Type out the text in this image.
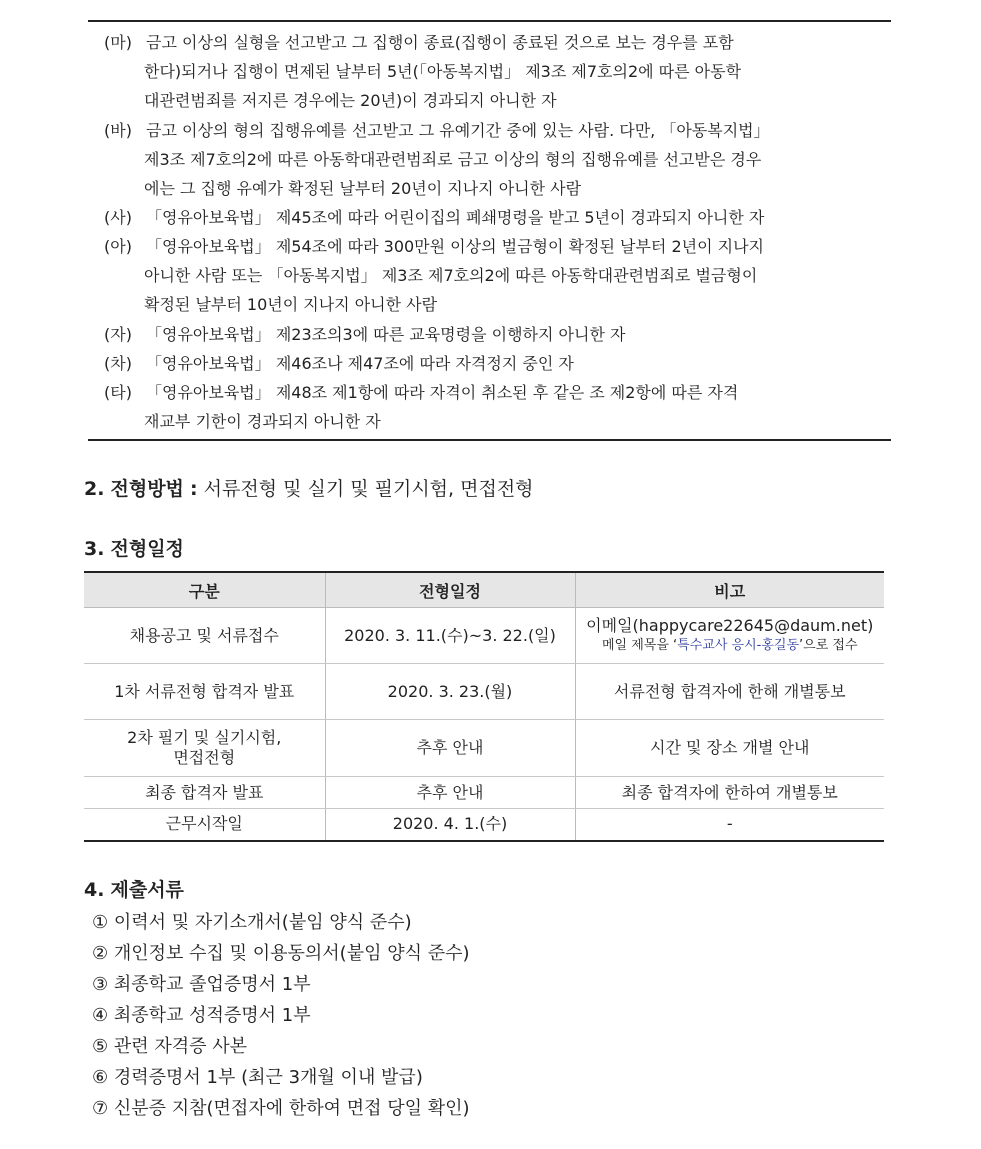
(마) 금고 이상의 실형을 선고받고 그 집행이 종료(집행이 종료된 것으로 보는 경우를 포함
한다)되거나 집행이 면제된 날부터 5년(「아동복지법」 제3조 제7호의2에 따른 아동학
대관련범죄를 저지른 경우에는 20년)이 경과되지 아니한 자
(바) 금고 이상의 형의 집행유예를 선고받고 그 유예기간 중에 있는 사람. 다만, 「아동복지법」
제3조 제7호의2에 따른 아동학대관련범죄로 금고 이상의 형의 집행유예를 선고받은 경우
에는 그 집행 유예가 확정된 날부터 20년이 지나지 아니한 사람
(사) 「영유아보육법」 제45조에 따라 어린이집의 폐쇄명령을 받고 5년이 경과되지 아니한 자
(아) 「영유아보육법」 제54조에 따라 300만원 이상의 벌금형이 확정된 날부터 2년이 지나지
아니한 사람 또는 「아동복지법」 제3조 제7호의2에 따른 아동학대관련범죄로 벌금형이
확정된 날부터 10년이 지나지 아니한 사람
(자) 「영유아보육법」 제23조의3에 따른 교육명령을 이행하지 아니한 자
(차) 「영유아보육법」 제46조나 제47조에 따라 자격정지 중인 자
(타) 「영유아보육법」 제48조 제1항에 따라 자격이 취소된 후 같은 조 제2항에 따른 자격
재교부 기한이 경과되지 아니한 자
2. 전형방법 : 서류전형 및 실기 및 필기시험, 면접전형
3. 전형일정
구분	전형일정	비고
채용공고 및 서류접수	2020. 3. 11.(수)~3. 22.(일)	이메일(happycare22645@daum.net)
메일 제목을 ‘특수교사 응시-홍길동’으로 접수

1차 서류전형 합격자 발표	2020. 3. 23.(월)	서류전형 합격자에 한해 개별통보

2차 필기 및 실기시험,
면접전형	추후 안내	시간 및 장소 개별 안내
최종 합격자 발표	추후 안내	최종 합격자에 한하여 개별통보
근무시작일	2020. 4. 1.(수)	-
4. 제출서류
① 이력서 및 자기소개서(붙임 양식 준수)
② 개인정보 수집 및 이용동의서(붙임 양식 준수)
③ 최종학교 졸업증명서 1부
④ 최종학교 성적증명서 1부
⑤ 관련 자격증 사본
⑥ 경력증명서 1부 (최근 3개월 이내 발급)
⑦ 신분증 지참(면접자에 한하여 면접 당일 확인)
